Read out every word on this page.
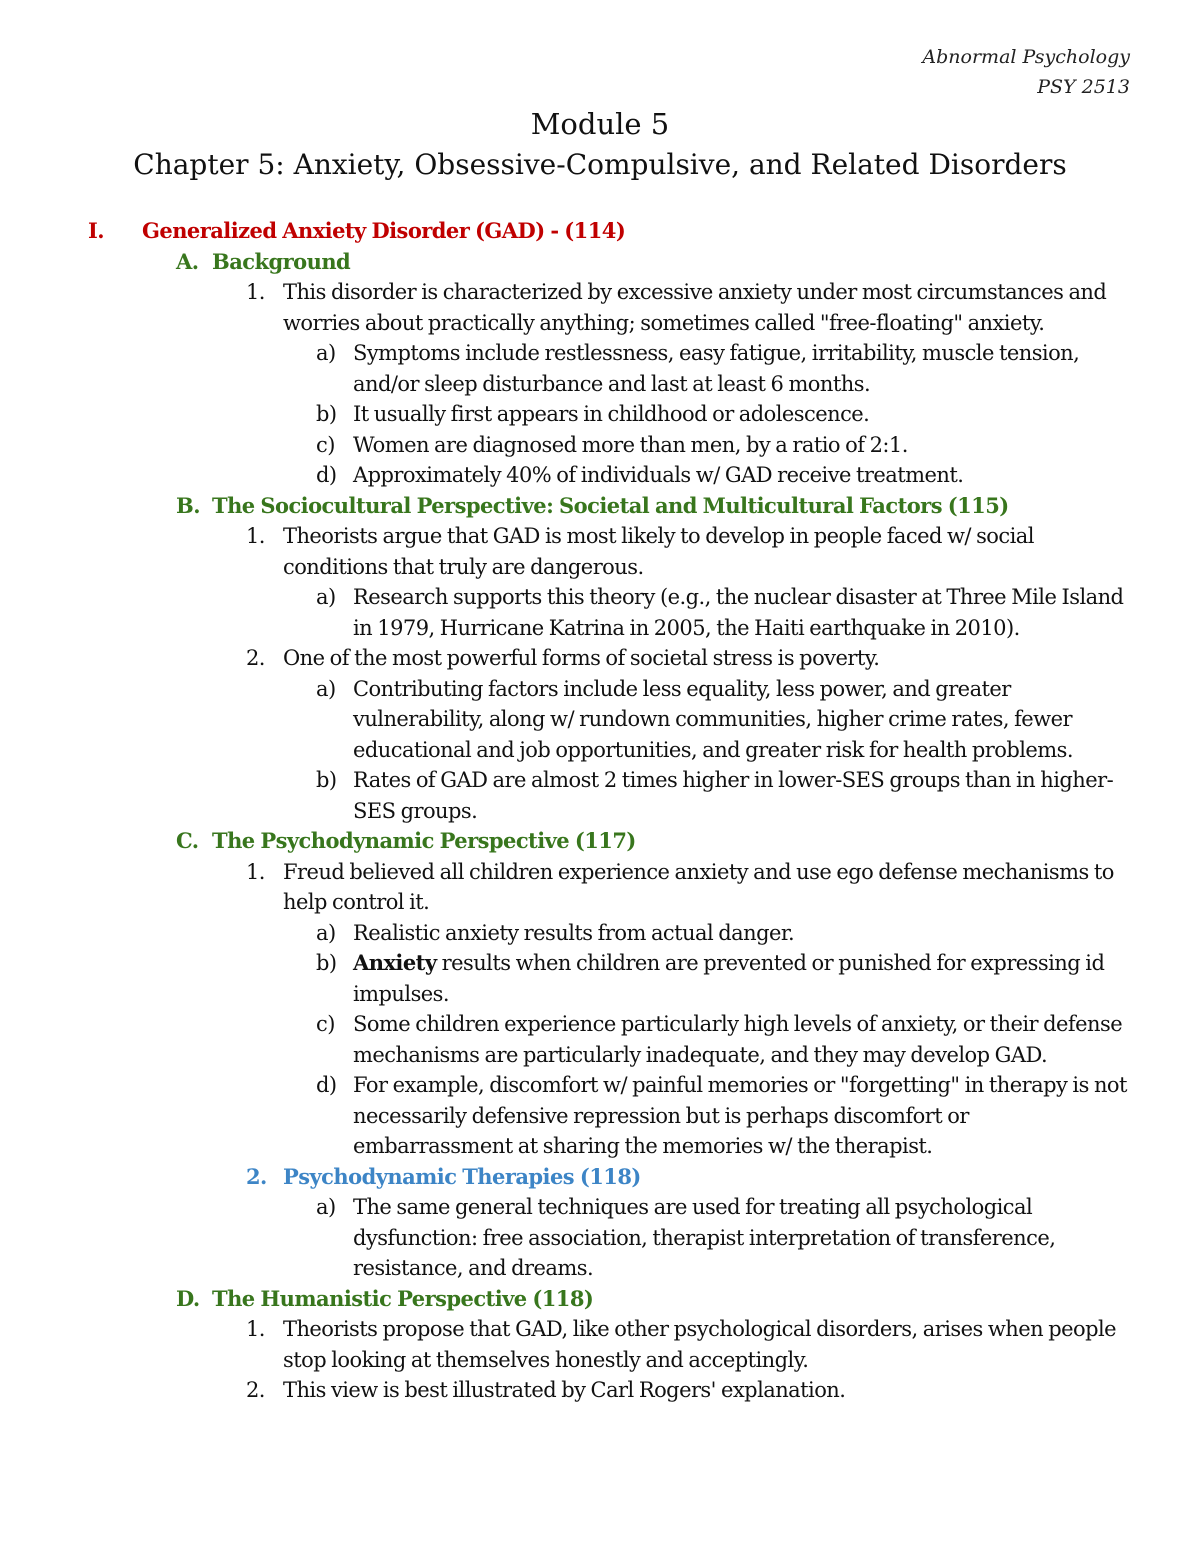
Abnormal Psychology
PSY 2513
Module 5
Chapter 5: Anxiety, Obsessive-Compulsive, and Related Disorders
I. Generalized Anxiety Disorder (GAD) - (114)
A. Background
1. This disorder is characterized by excessive anxiety under most circumstances and worries about practically anything; sometimes called "free-floating" anxiety.
a) Symptoms include restlessness, easy fatigue, irritability, muscle tension, and/or sleep disturbance and last at least 6 months.
b) It usually first appears in childhood or adolescence.
c) Women are diagnosed more than men, by a ratio of 2:1.
d) Approximately 40% of individuals w/ GAD receive treatment.
B. The Sociocultural Perspective: Societal and Multicultural Factors (115)
1. Theorists argue that GAD is most likely to develop in people faced w/ social conditions that truly are dangerous.
a) Research supports this theory (e.g., the nuclear disaster at Three Mile Island in 1979, Hurricane Katrina in 2005, the Haiti earthquake in 2010).
2. One of the most powerful forms of societal stress is poverty.
a) Contributing factors include less equality, less power, and greater vulnerability, along w/ rundown communities, higher crime rates, fewer educational and job opportunities, and greater risk for health problems.
b) Rates of GAD are almost 2 times higher in lower-SES groups than in higher-SES groups.
C. The Psychodynamic Perspective (117)
1. Freud believed all children experience anxiety and use ego defense mechanisms to help control it.
a) Realistic anxiety results from actual danger.
b) Anxiety results when children are prevented or punished for expressing id impulses.
c) Some children experience particularly high levels of anxiety, or their defense mechanisms are particularly inadequate, and they may develop GAD.
d) For example, discomfort w/ painful memories or "forgetting" in therapy is not necessarily defensive repression but is perhaps discomfort or embarrassment at sharing the memories w/ the therapist.
2. Psychodynamic Therapies (118)
a) The same general techniques are used for treating all psychological dysfunction: free association, therapist interpretation of transference, resistance, and dreams.
D. The Humanistic Perspective (118)
1. Theorists propose that GAD, like other psychological disorders, arises when people stop looking at themselves honestly and acceptingly.
2. This view is best illustrated by Carl Rogers' explanation.
